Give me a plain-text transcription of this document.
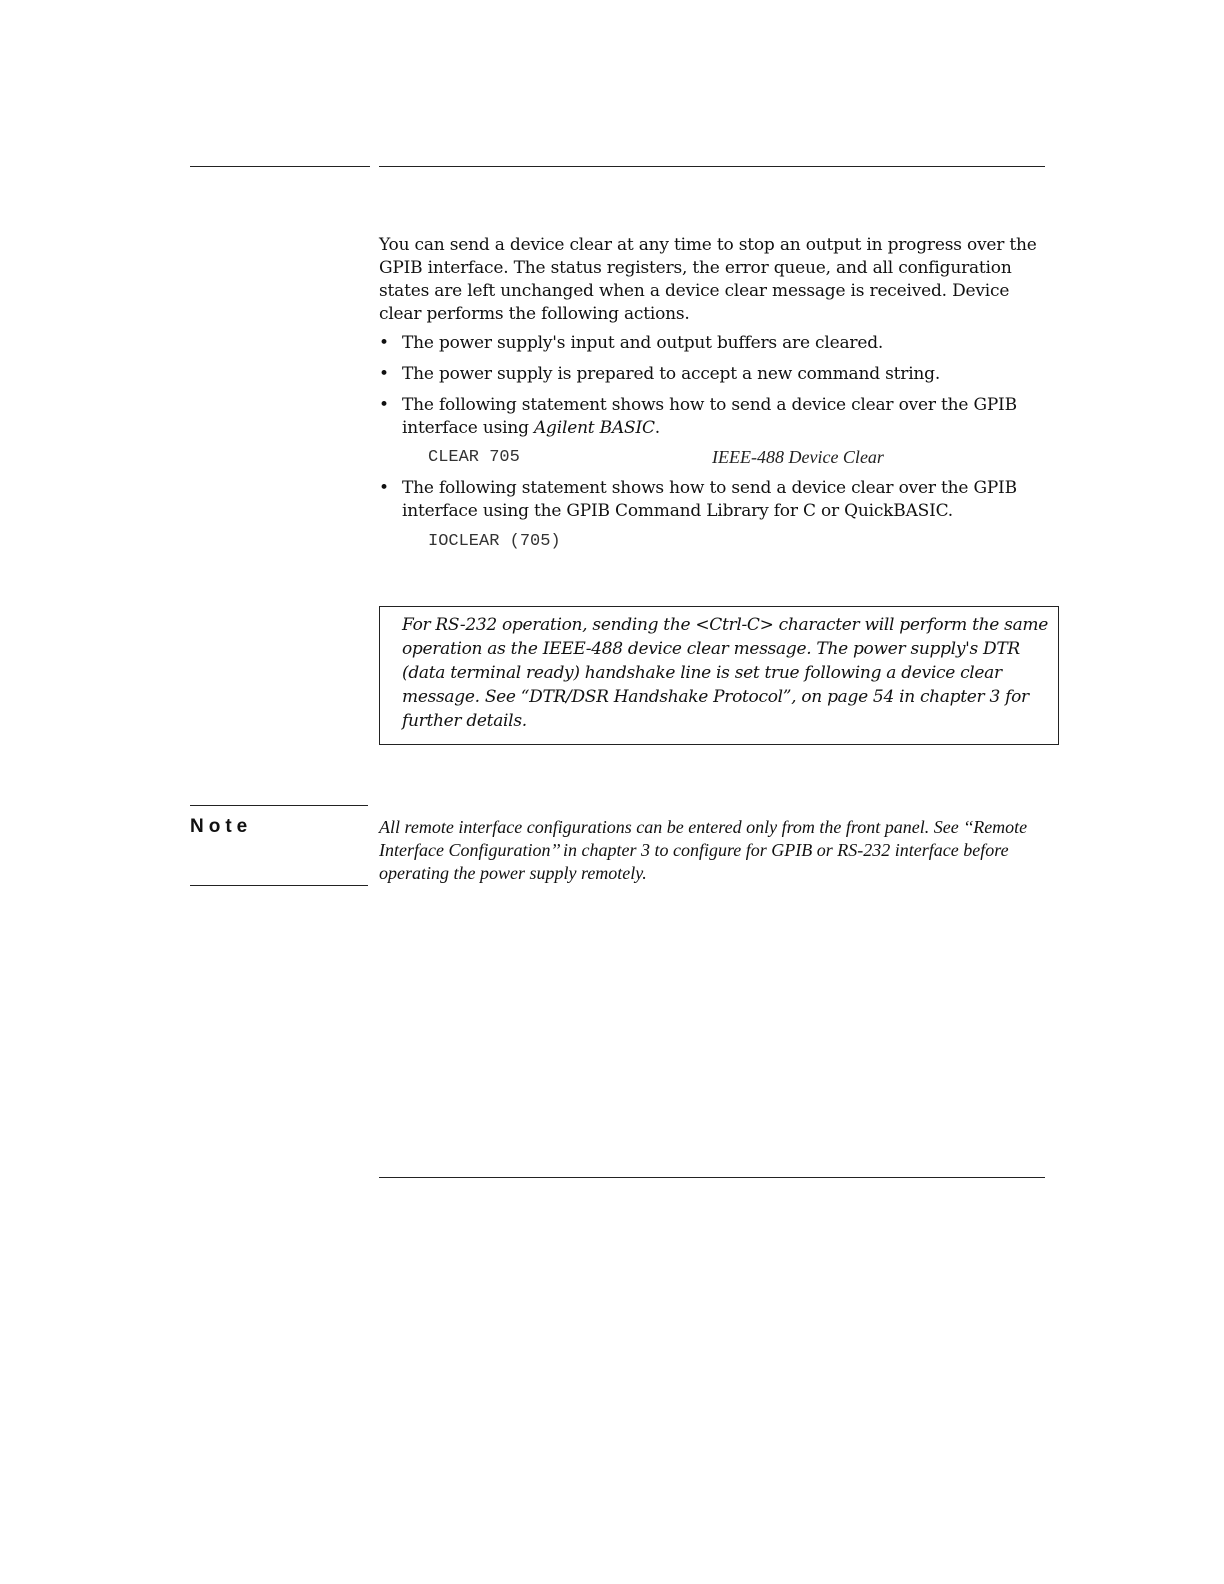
You can send a device clear at any time to stop an output in progress over the GPIB interface. The status registers, the error queue, and all configuration states are left unchanged when a device clear message is received. Device clear performs the following actions.

• The power supply's input and output buffers are cleared.
• The power supply is prepared to accept a new command string.
• The following statement shows how to send a device clear over the GPIB interface using Agilent BASIC.
CLEAR 705	IEEE-488 Device Clear
• The following statement shows how to send a device clear over the GPIB interface using the GPIB Command Library for C or QuickBASIC.
IOCLEAR (705)

For RS-232 operation, sending the <Ctrl-C> character will perform the same operation as the IEEE-488 device clear message. The power supply's DTR (data terminal ready) handshake line is set true following a device clear message. See “DTR/DSR Handshake Protocol”, on page 54 in chapter 3 for further details.

Note	All remote interface configurations can be entered only from the front panel. See ‘‘Remote Interface Configuration’’ in chapter 3 to configure for GPIB or RS-232 interface before operating the power supply remotely.
